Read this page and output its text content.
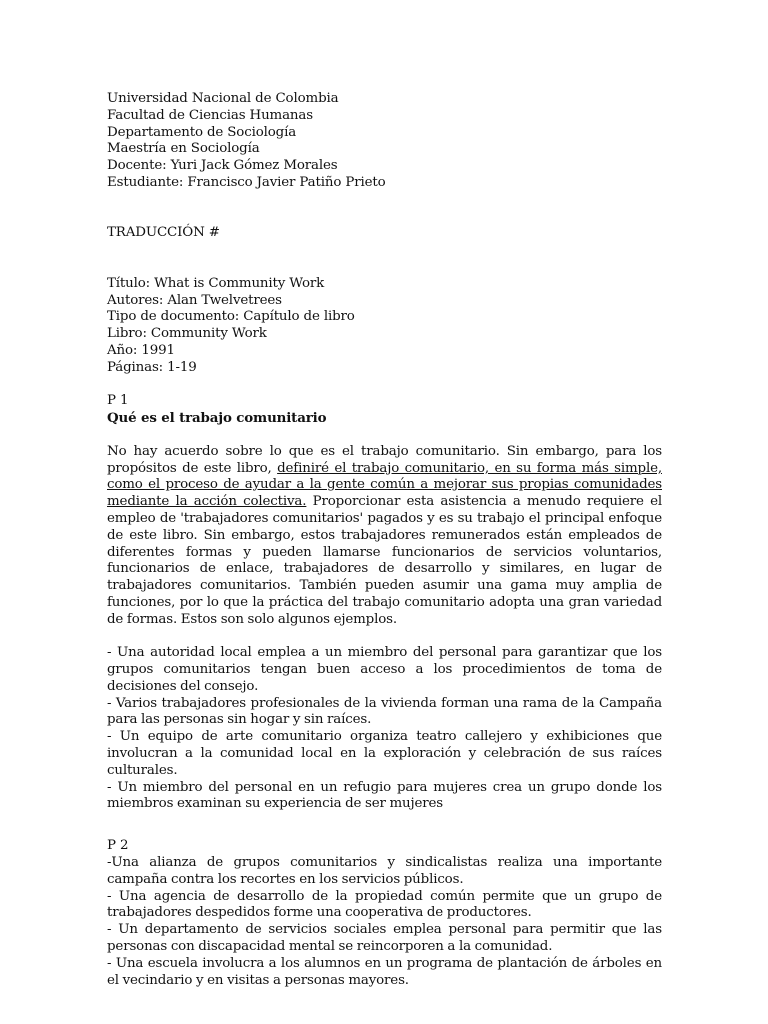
Universidad Nacional de Colombia
Facultad de Ciencias Humanas
Departamento de Sociología
Maestría en Sociología
Docente: Yuri Jack Gómez Morales
Estudiante: Francisco Javier Patiño Prieto
TRADUCCIÓN #
Título: What is Community Work
Autores: Alan Twelvetrees
Tipo de documento: Capítulo de libro
Libro: Community Work
Año: 1991
Páginas: 1-19
P 1
Qué es el trabajo comunitario
No hay acuerdo sobre lo que es el trabajo comunitario. Sin embargo, para los propósitos de este libro, definiré el trabajo comunitario, en su forma más simple, como el proceso de ayudar a la gente común a mejorar sus propias comunidades mediante la acción colectiva. Proporcionar esta asistencia a menudo requiere el empleo de 'trabajadores comunitarios' pagados y es su trabajo el principal enfoque de este libro. Sin embargo, estos trabajadores remunerados están empleados de diferentes formas y pueden llamarse funcionarios de servicios voluntarios, funcionarios de enlace, trabajadores de desarrollo y similares, en lugar de trabajadores comunitarios. También pueden asumir una gama muy amplia de funciones, por lo que la práctica del trabajo comunitario adopta una gran variedad de formas. Estos son solo algunos ejemplos.

- Una autoridad local emplea a un miembro del personal para garantizar que los grupos comunitarios tengan buen acceso a los procedimientos de toma de decisiones del consejo.

- Varios trabajadores profesionales de la vivienda forman una rama de la Campaña para las personas sin hogar y sin raíces.

- Un equipo de arte comunitario organiza teatro callejero y exhibiciones que involucran a la comunidad local en la exploración y celebración de sus raíces culturales.

- Un miembro del personal en un refugio para mujeres crea un grupo donde los miembros examinan su experiencia de ser mujeres

P 2

-Una alianza de grupos comunitarios y sindicalistas realiza una importante campaña contra los recortes en los servicios públicos.

- Una agencia de desarrollo de la propiedad común permite que un grupo de trabajadores despedidos forme una cooperativa de productores.

- Un departamento de servicios sociales emplea personal para permitir que las personas con discapacidad mental se reincorporen a la comunidad.

- Una escuela involucra a los alumnos en un programa de plantación de árboles en el vecindario y en visitas a personas mayores.
